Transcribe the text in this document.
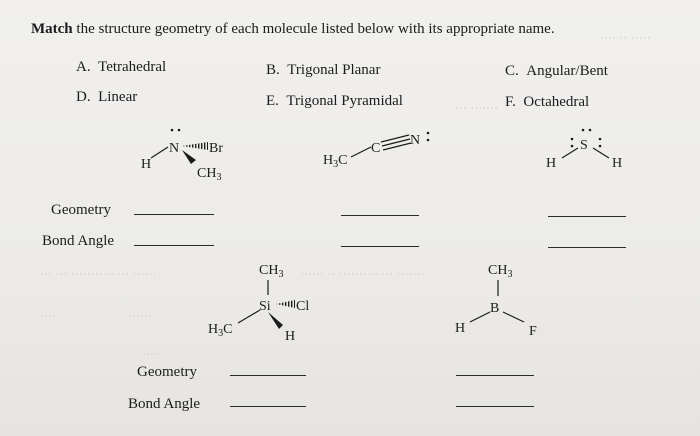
···· ·· ·····
··· ··· ········ ·· ··· ······	······ ·· ······· ·· ··· ·······
····	······
····
··· ·······
Match the structure geometry of each molecule listed below with its appropriate name.
A. Tetrahedral	B. Trigonal Planar	C. Angular/Bent
D. Linear	E. Trigonal Pyramidal	F. Octahedral
Geometry
Bond Angle
Geometry
Bond Angle
N
H
Br
$CH_3$
$H_3C$
C
N	S
H	H
$CH_3$
Si Cl
$H_3C$	H
$CH_3$
B
H	F
